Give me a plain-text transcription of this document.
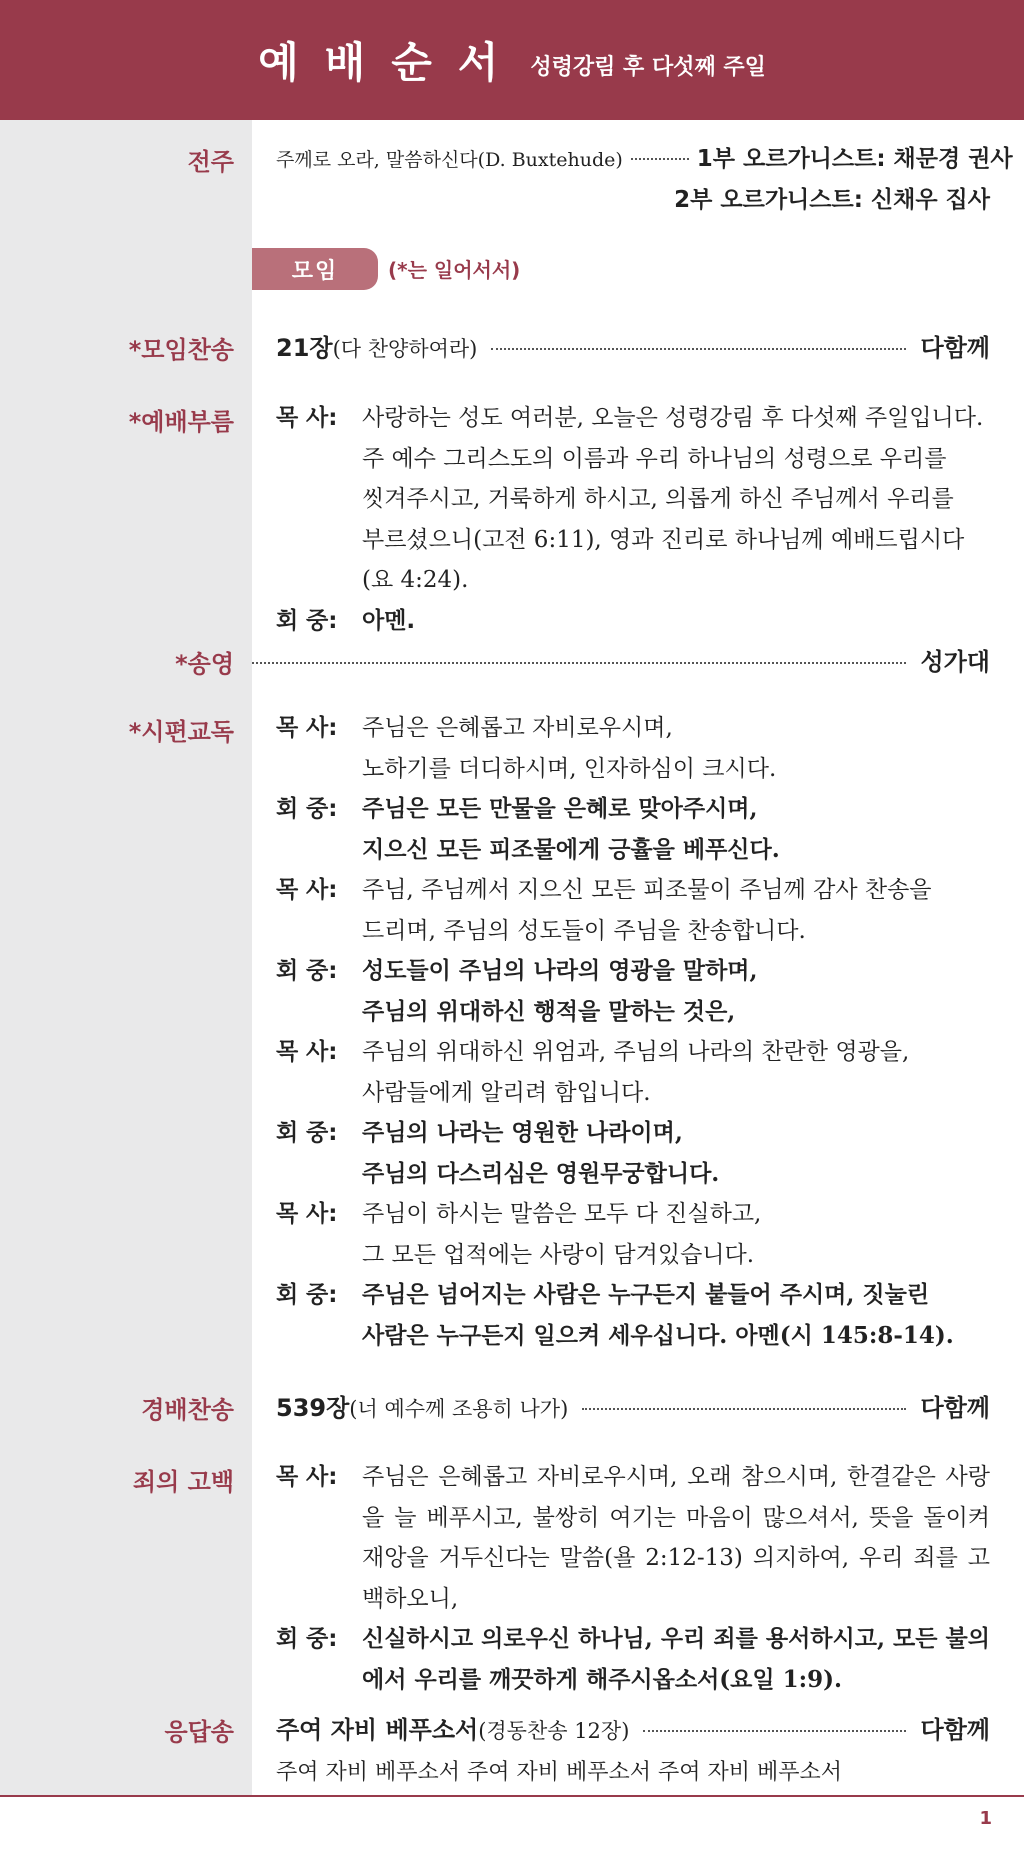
예배순서 성령강림 후 다섯째 주일
전주 주께로 오라, 말씀하신다(D. Buxtehude)	1부 오르가니스트: 채문경 권사
2부 오르가니스트: 신채우 집사
모임	(*는 일어서서)
*모임찬송 21장 (다 찬양하여라)	다함께
*예배부름 목 사:	사랑하는 성도 여러분, 오늘은 성령강림 후 다섯째 주일입니다.
주 예수 그리스도의 이름과 우리 하나님의 성령으로 우리를
씻겨주시고, 거룩하게 하시고, 의롭게 하신 주님께서 우리를
부르셨으니(고전 6:11), 영과 진리로 하나님께 예배드립시다
(요 4:24).
회 중:	아멘.
*송영	성가대
*시편교독 목 사:	주님은 은혜롭고 자비로우시며,
노하기를 더디하시며, 인자하심이 크시다.
회 중:	주님은 모든 만물을 은혜로 맞아주시며,
지으신 모든 피조물에게 긍휼을 베푸신다.
목 사:	주님, 주님께서 지으신 모든 피조물이 주님께 감사 찬송을
드리며, 주님의 성도들이 주님을 찬송합니다.
회 중:	성도들이 주님의 나라의 영광을 말하며,
주님의 위대하신 행적을 말하는 것은,
목 사:	주님의 위대하신 위엄과, 주님의 나라의 찬란한 영광을,
사람들에게 알리려 함입니다.
회 중:	주님의 나라는 영원한 나라이며,
주님의 다스리심은 영원무궁합니다.
목 사:	주님이 하시는 말씀은 모두 다 진실하고,
그 모든 업적에는 사랑이 담겨있습니다.
회 중:	주님은 넘어지는 사람은 누구든지 붙들어 주시며, 짓눌린
사람은 누구든지 일으켜 세우십니다. 아멘(시 145:8-14).
경배찬송 539장 (너 예수께 조용히 나가)	다함께
죄의 고백 목 사:	주님은 은혜롭고 자비로우시며, 오래 참으시며, 한결같은 사랑을 늘 베푸시고, 불쌍히 여기는 마음이 많으셔서, 뜻을 돌이켜 재앙을 거두신다는 말씀(욜 2:12-13) 의지하여, 우리 죄를 고백하오니,
회 중:	신실하시고 의로우신 하나님, 우리 죄를 용서하시고, 모든 불의에서 우리를 깨끗하게 해주시옵소서(요일 1:9).
응답송 주여 자비 베푸소서 (경동찬송 12장)	다함께
주여 자비 베푸소서 주여 자비 베푸소서 주여 자비 베푸소서
1
